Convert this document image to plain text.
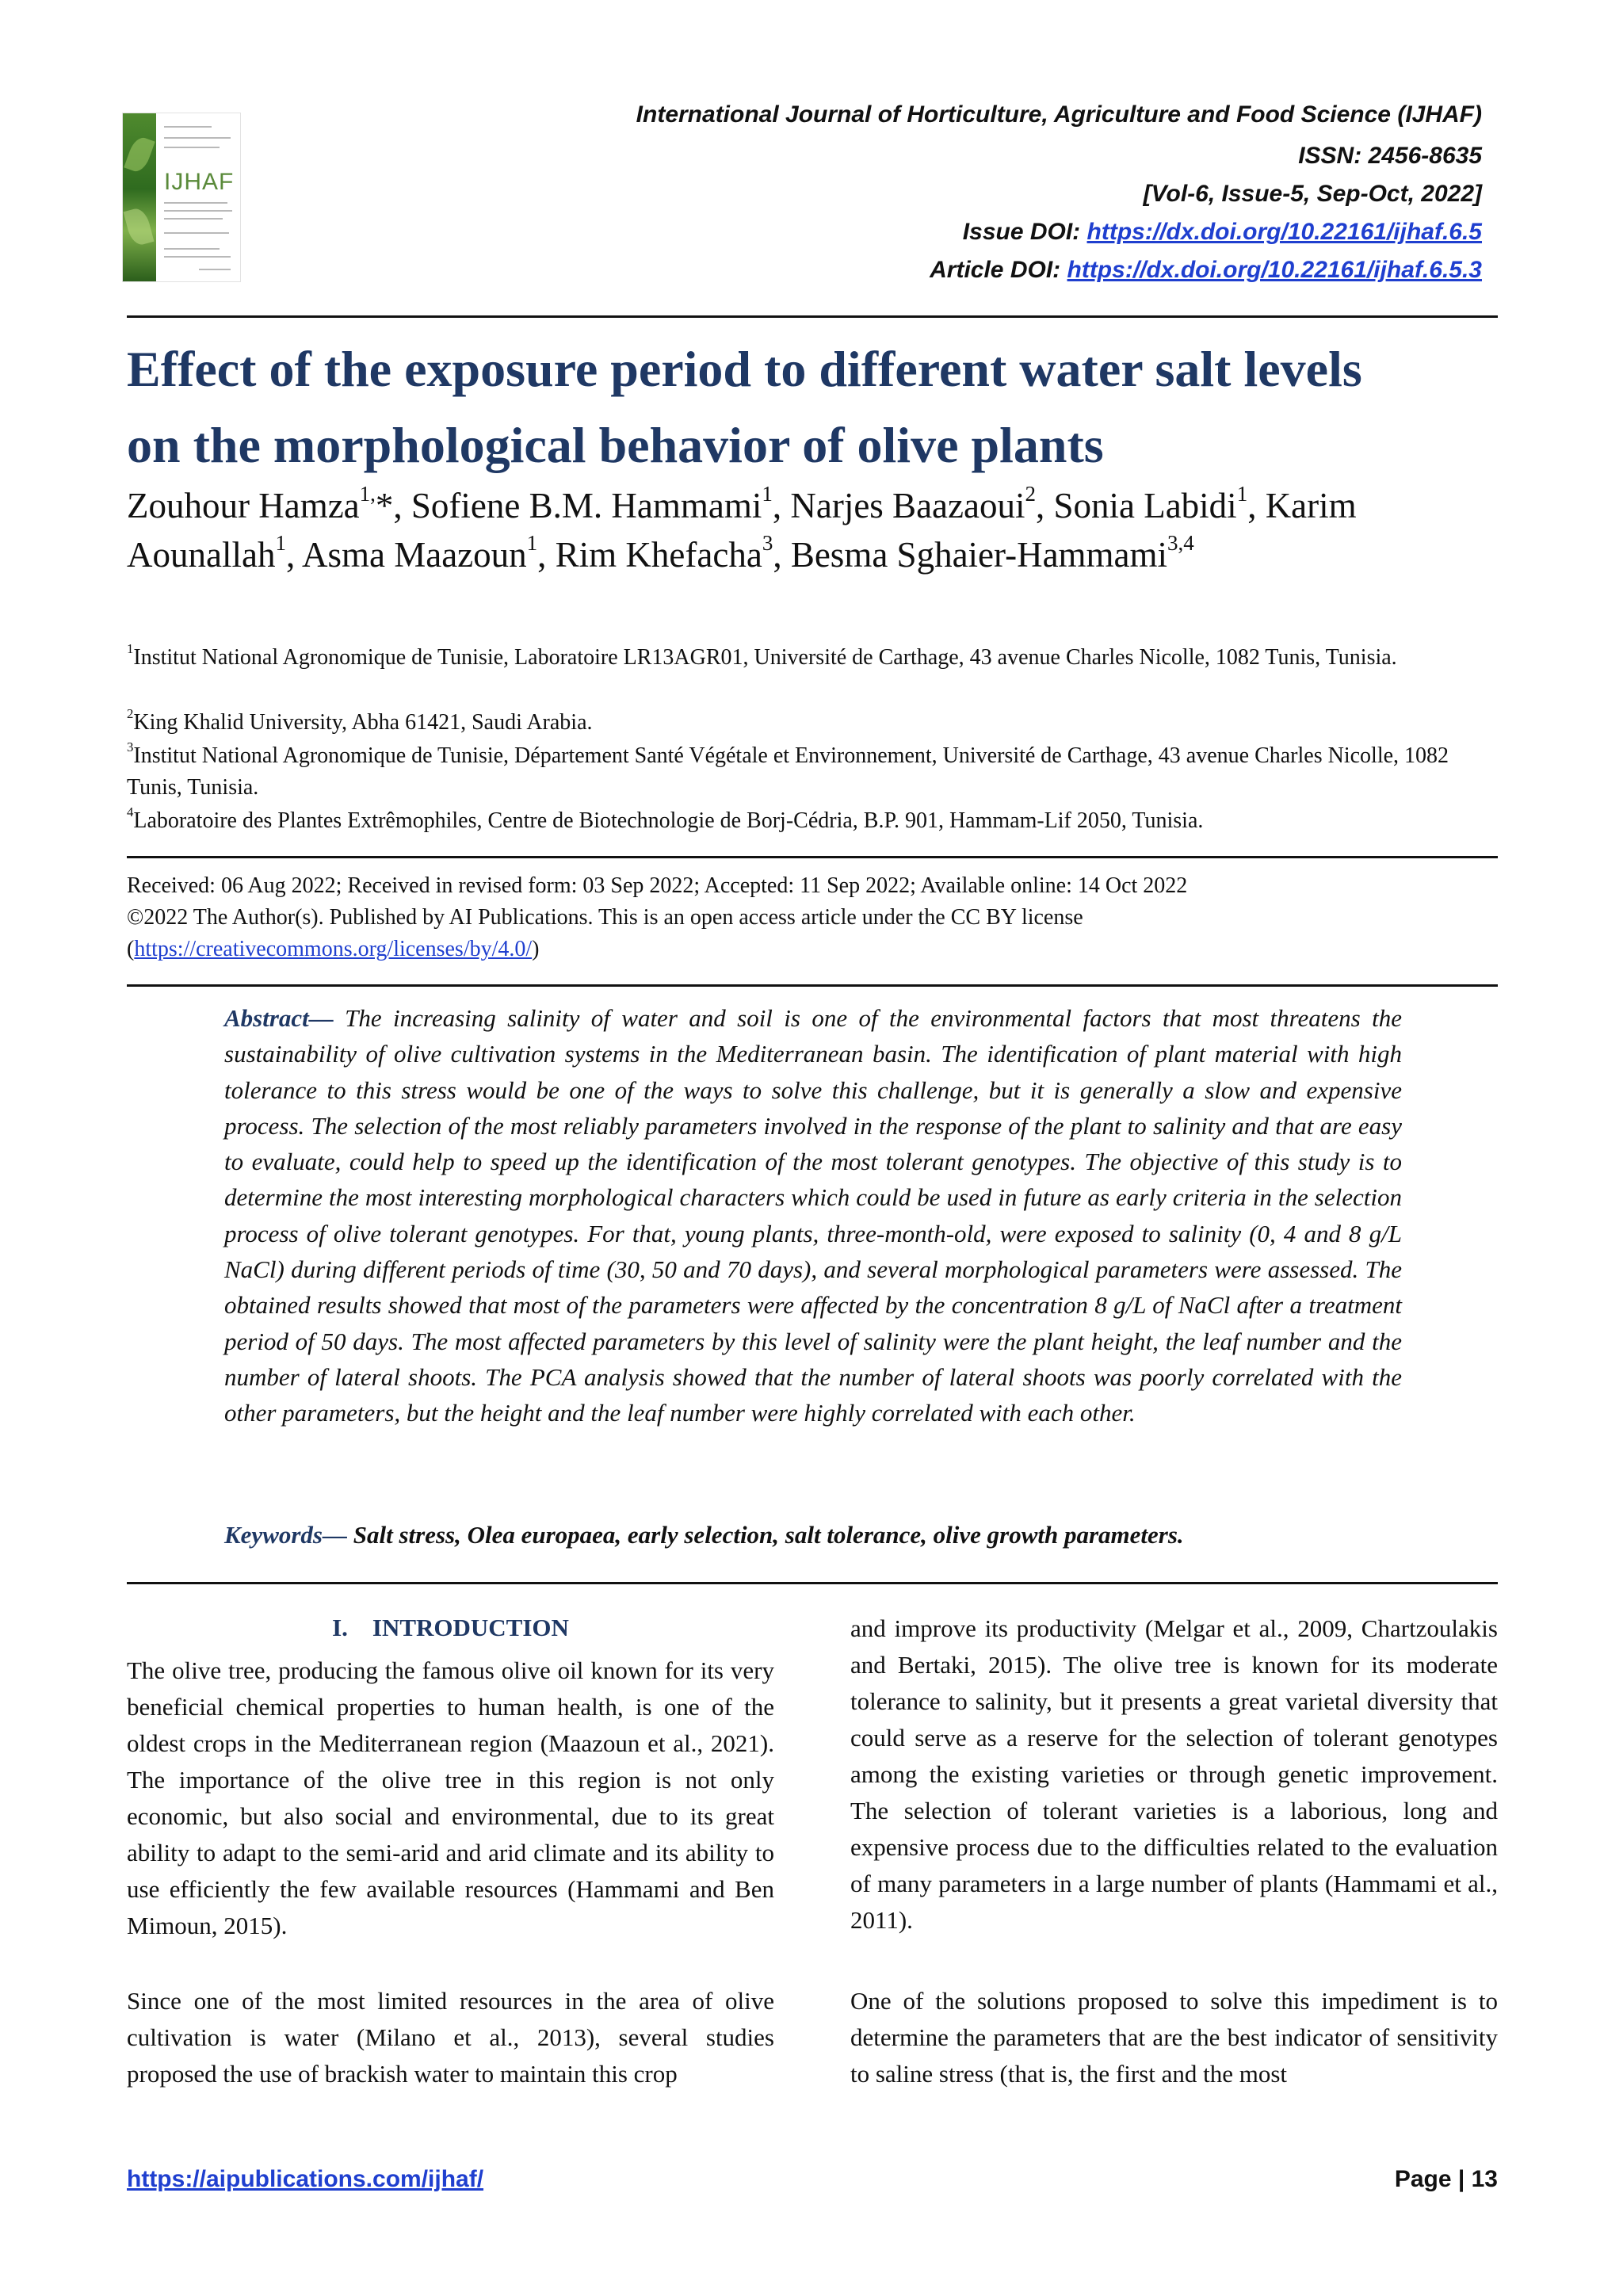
IJHAF
International Journal of Horticulture, Agriculture and Food Science (IJHAF)
ISSN: 2456-8635
[Vol-6, Issue-5, Sep-Oct, 2022]
Issue DOI: https://dx.doi.org/10.22161/ijhaf.6.5
Article DOI: https://dx.doi.org/10.22161/ijhaf.6.5.3
Effect of the exposure period to different water salt levels
on the morphological behavior of olive plants
Zouhour Hamza$^{1,}$*, Sofiene B.M. Hammami$^1$, Narjes Baazaoui$^2$, Sonia Labidi$^1$, Karim Aounallah$^1$, Asma Maazoun$^1$, Rim Khefacha$^3$, Besma Sghaier-Hammami$^{3,4}$
$^1$Institut National Agronomique de Tunisie, Laboratoire LR13AGR01, Université de Carthage, 43 avenue Charles Nicolle, 1082 Tunis, Tunisia.
$^2$King Khalid University, Abha 61421, Saudi Arabia.
$^3$Institut National Agronomique de Tunisie, Département Santé Végétale et Environnement, Université de Carthage, 43 avenue Charles Nicolle, 1082 Tunis, Tunisia.
$^4$Laboratoire des Plantes Extrêmophiles, Centre de Biotechnologie de Borj-Cédria, B.P. 901, Hammam-Lif 2050, Tunisia.
Received: 06 Aug 2022; Received in revised form: 03 Sep 2022; Accepted: 11 Sep 2022; Available online: 14 Oct 2022
©2022 The Author(s). Published by AI Publications. This is an open access article under the CC BY license
(https://creativecommons.org/licenses/by/4.0/)
Abstract— The increasing salinity of water and soil is one of the environmental factors that most threatens the sustainability of olive cultivation systems in the Mediterranean basin. The identification of plant material with high tolerance to this stress would be one of the ways to solve this challenge, but it is generally a slow and expensive process. The selection of the most reliably parameters involved in the response of the plant to salinity and that are easy to evaluate, could help to speed up the identification of the most tolerant genotypes. The objective of this study is to determine the most interesting morphological characters which could be used in future as early criteria in the selection process of olive tolerant genotypes. For that, young plants, three-month-old, were exposed to salinity (0, 4 and 8 g/L NaCl) during different periods of time (30, 50 and 70 days), and several morphological parameters were assessed. The obtained results showed that most of the parameters were affected by the concentration 8 g/L of NaCl after a treatment period of 50 days. The most affected parameters by this level of salinity were the plant height, the leaf number and the number of lateral shoots. The PCA analysis showed that the number of lateral shoots was poorly correlated with the other parameters, but the height and the leaf number were highly correlated with each other.
Keywords— Salt stress, Olea europaea, early selection, salt tolerance, olive growth parameters.
I.    INTRODUCTION
The olive tree, producing the famous olive oil known for its very beneficial chemical properties to human health, is one of the oldest crops in the Mediterranean region (Maazoun et al., 2021). The importance of the olive tree in this region is not only economic, but also social and environmental, due to its great ability to adapt to the semi-arid and arid climate and its ability to use efficiently the few available resources (Hammami and Ben Mimoun, 2015).
Since one of the most limited resources in the area of olive cultivation is water (Milano et al., 2013), several studies proposed the use of brackish water to maintain this crop
and improve its productivity (Melgar et al., 2009, Chartzoulakis and Bertaki, 2015). The olive tree is known for its moderate tolerance to salinity, but it presents a great varietal diversity that could serve as a reserve for the selection of tolerant genotypes among the existing varieties or through genetic improvement. The selection of tolerant varieties is a laborious, long and expensive process due to the difficulties related to the evaluation of many parameters in a large number of plants (Hammami et al., 2011).
One of the solutions proposed to solve this impediment is to determine the parameters that are the best indicator of sensitivity to saline stress (that is, the first and the most
https://aipublications.com/ijhaf/	Page | 13
